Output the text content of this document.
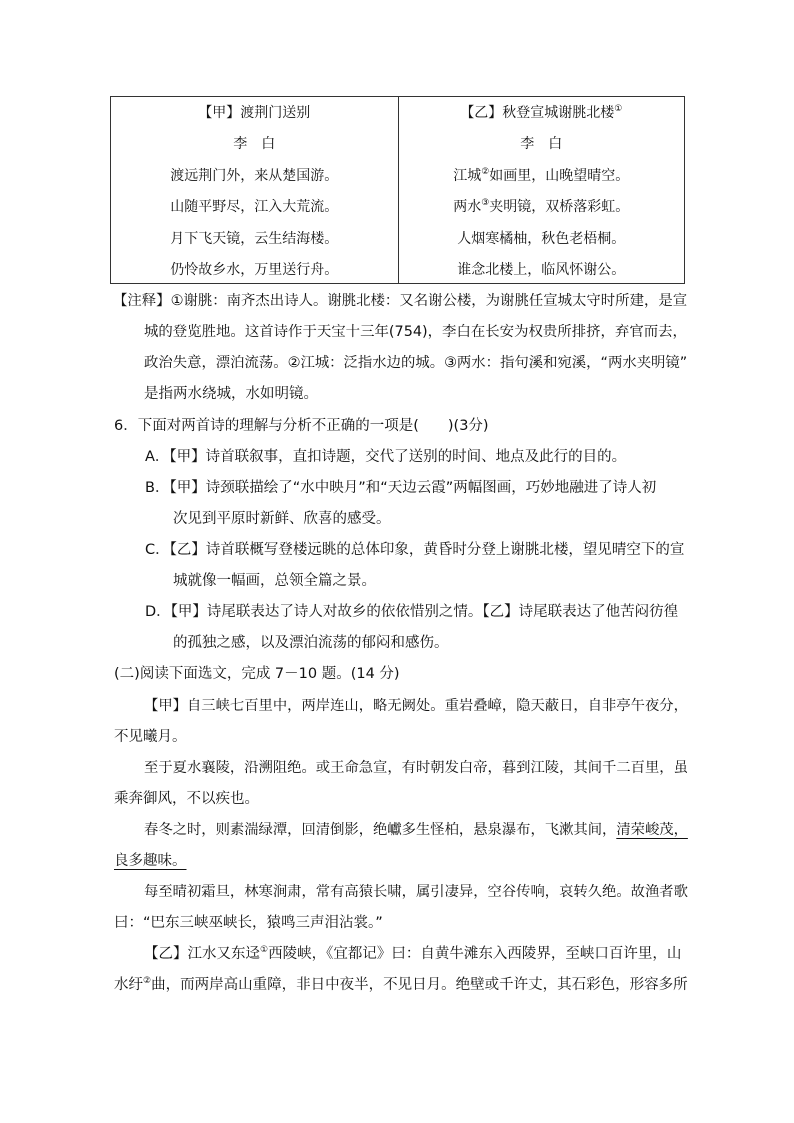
【甲】渡荆门送别
李　白
渡远荆门外，来从楚国游。
山随平野尽，江入大荒流。
月下飞天镜，云生结海楼。
仍怜故乡水，万里送行舟。
【乙】秋登宣城谢朓北楼①
李　白
江城②如画里，山晚望晴空。
两水③夹明镜，双桥落彩虹。
人烟寒橘柚，秋色老梧桐。
谁念北楼上，临风怀谢公。
【注释】①谢朓：南齐杰出诗人。谢朓北楼：又名谢公楼，为谢朓任宣城太守时所建，是宣
城的登览胜地。这首诗作于天宝十三年(754)，李白在长安为权贵所排挤，弃官而去，
政治失意，漂泊流荡。②江城：泛指水边的城。③两水：指句溪和宛溪，“两水夹明镜”
是指两水绕城，水如明镜。
6．下面对两首诗的理解与分析不正确的一项是(　　)(3分)
A．【甲】诗首联叙事，直扣诗题，交代了送别的时间、地点及此行的目的。
B．【甲】诗颈联描绘了“水中映月”和“天边云霞”两幅图画，巧妙地融进了诗人初
次见到平原时新鲜、欣喜的感受。
C．【乙】诗首联概写登楼远眺的总体印象，黄昏时分登上谢朓北楼，望见晴空下的宣
城就像一幅画，总领全篇之景。
D．【甲】诗尾联表达了诗人对故乡的依依惜别之情。【乙】诗尾联表达了他苦闷彷徨
的孤独之感，以及漂泊流荡的郁闷和感伤。
(二)阅读下面选文，完成 7－10 题。(14 分)
【甲】自三峡七百里中，两岸连山，略无阙处。重岩叠嶂，隐天蔽日，自非亭午夜分，
不见曦月。
至于夏水襄陵，沿溯阻绝。或王命急宣，有时朝发白帝，暮到江陵，其间千二百里，虽
乘奔御风，不以疾也。
春冬之时，则素湍绿潭，回清倒影，绝巘多生怪柏，悬泉瀑布，飞漱其间，清荣峻茂，
良多趣味。
每至晴初霜旦，林寒涧肃，常有高猿长啸，属引凄异，空谷传响，哀转久绝。故渔者歌
曰：“巴东三峡巫峡长，猿鸣三声泪沾裳。”
【乙】江水又东迳①西陵峡，《宜都记》曰：自黄牛滩东入西陵界，至峡口百许里，山
水纡②曲，而两岸高山重障，非日中夜半，不见日月。绝壁或千许丈，其石彩色，形容多所
